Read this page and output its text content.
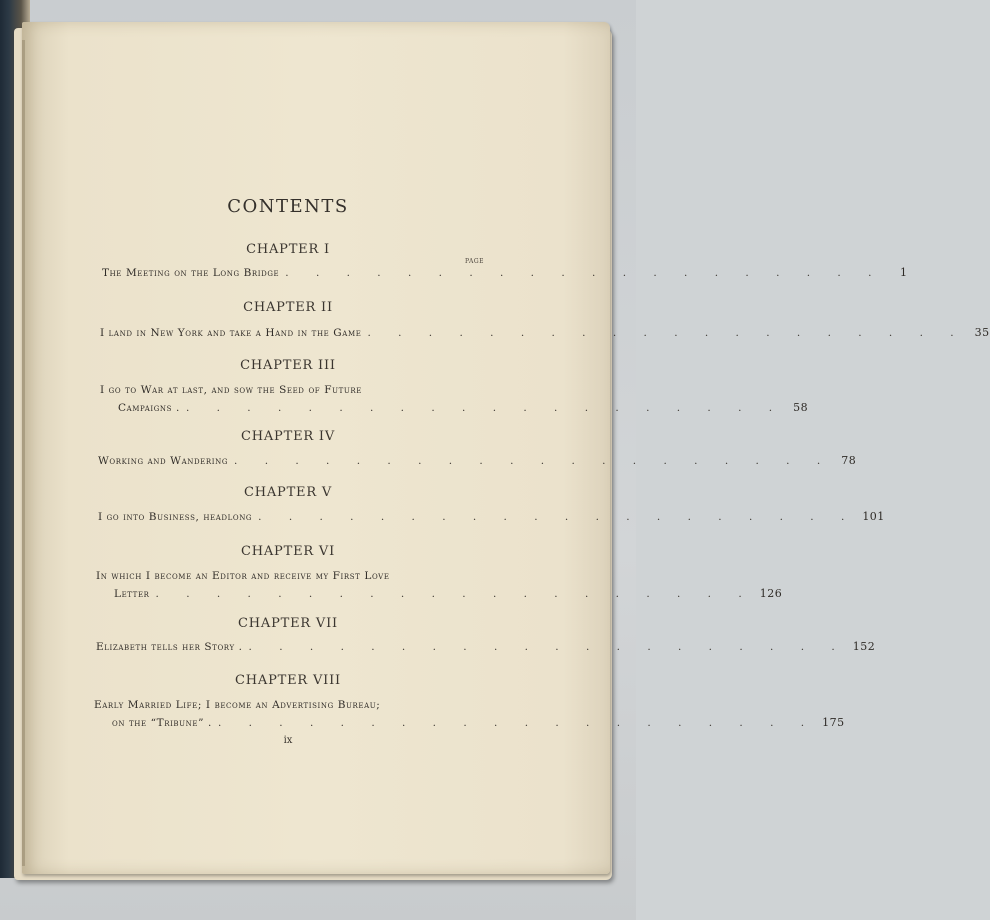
CONTENTS
PAGE
CHAPTER I
The Meeting on the Long Bridge . . . . . . . . . . . . . . . . . . . .	1
CHAPTER II
I land in New York and take a Hand in the Game . . . . . . . . . . . . . . . . . . . . 35
CHAPTER III
I go to War at last, and sow the Seed of Future
Campaigns . . . . . . . . . . . . . . . . . . . . . 58
CHAPTER IV
Working and Wandering . . . . . . . . . . . . . . . . . . . . 78
CHAPTER V
I go into Business, headlong . . . . . . . . . . . . . . . . . . . . 101
CHAPTER VI
In which I become an Editor and receive my First Love
Letter . . . . . . . . . . . . . . . . . . . . 126
CHAPTER VII
Elizabeth tells her Story . . . . . . . . . . . . . . . . . . . . . 152
CHAPTER VIII
Early Married Life; I become an Advertising Bureau;
on the “Tribune” . . . . . . . . . . . . . . . . . . . . . 175
ix
